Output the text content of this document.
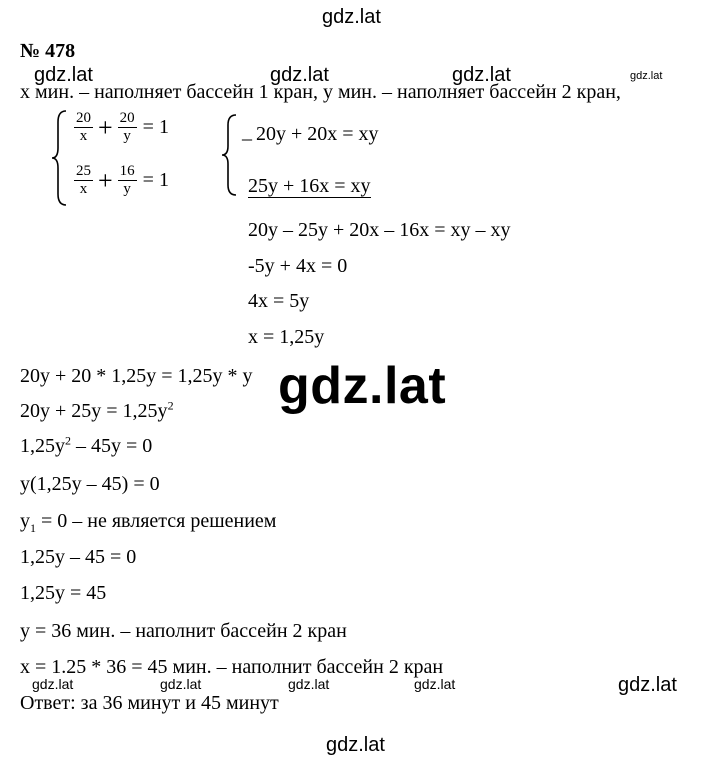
gdz.lat
gdz.lat	gdz.lat	gdz.lat	gdz.lat
№ 478
х мин. – наполняет бассейн 1 кран, у мин. – наполняет бассейн 2 кран,
$\frac{20}{x} + \frac{20}{y} = 1$
$\frac{25}{x} + \frac{16}{y} = 1$
_ 20y + 20x = xy
25y + 16x = xy
20y – 25y + 20x – 16x = xy – xy
-5y + 4x = 0
4x = 5y
x = 1,25y
20y + 20 * 1,25y = 1,25y * y
$20y + 25y = 1,25y^2$
$1,25y^2 - 45y = 0$
y(1,25y – 45) = 0
$y_1 = 0$ – не является решением
1,25y – 45 = 0
1,25y = 45
y = 36 мин. – наполнит бассейн 2 кран
x = 1.25 * 36 = 45 мин. – наполнит бассейн 2 кран
Ответ: за 36 минут и 45 минут
gdz.lat
gdz.lat	gdz.lat	gdz.lat	gdz.lat	gdz.lat
gdz.lat
